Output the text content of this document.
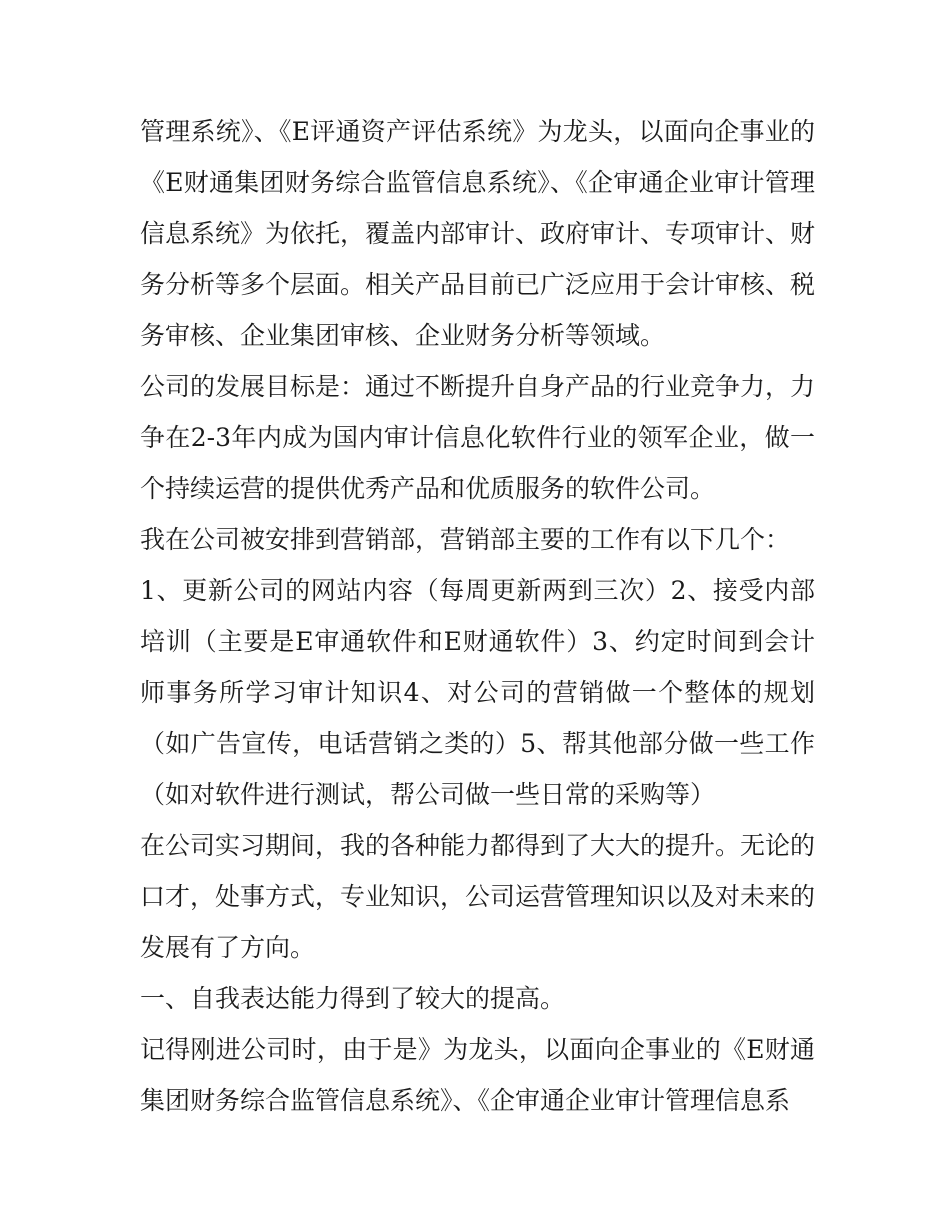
管理系统》、《E评通资产评估系统》为龙头，以面向企事业的《E财通集团财务综合监管信息系统》、《企审通企业审计管理信息系统》为依托，覆盖内部审计、政府审计、专项审计、财务分析等多个层面。相关产品目前已广泛应用于会计审核、税务审核、企业集团审核、企业财务分析等领域。

公司的发展目标是：通过不断提升自身产品的行业竞争力，力争在2-3年内成为国内审计信息化软件行业的领军企业，做一个持续运营的提供优秀产品和优质服务的软件公司。

我在公司被安排到营销部，营销部主要的工作有以下几个：

1、更新公司的网站内容（每周更新两到三次）2、接受内部培训（主要是E审通软件和E财通软件）3、约定时间到会计师事务所学习审计知识4、对公司的营销做一个整体的规划（如广告宣传，电话营销之类的）5、帮其他部分做一些工作（如对软件进行测试，帮公司做一些日常的采购等）

在公司实习期间，我的各种能力都得到了大大的提升。无论的口才，处事方式，专业知识，公司运营管理知识以及对未来的发展有了方向。

一、自我表达能力得到了较大的提高。

记得刚进公司时，由于是》为龙头，以面向企事业的《E财通集团财务综合监管信息系统》、《企审通企业审计管理信息系
